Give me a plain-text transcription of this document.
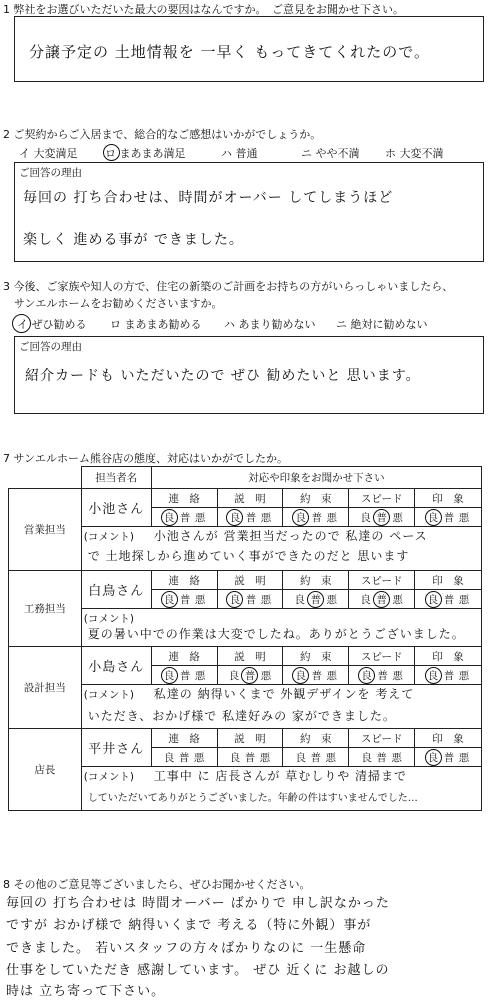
1 弊社をお選びいただいた最大の要因はなんですか。　ご意見をお聞かせ下さい。
分譲予定の 土地情報を 一早く もってきてくれたので。
2 ご契約からご入居まで、総合的なご感想はいかがでしょうか。
イ 大変満足	ロ まあまあ満足	ハ 普通	ニ やや不満 ホ 大変不満
ご回答の理由
毎回の 打ち合わせは、時間がオーバー してしまうほど
楽しく 進める事が できました。
3 今後、ご家族や知人の方で、住宅の新築のご計画をお持ちの方がいらっしゃいましたら、
サンエルホームをお勧めくださいますか。
イ ぜひ勧める ロ まあまあ勧める ハ あまり勧めない ニ 絶対に勧めない
ご回答の理由
紹介カードも いただいたので ぜひ 勧めたいと 思います。
7 サンエルホーム熊谷店の態度、対応はいかがでしたか。
	担当者名	対応や印象をお聞かせ下さい				
営業担当	小池さん	連　絡	説　明	約　束	スピード	印　象
		良 普 悪	良 普 悪	良 普 悪	良 普 悪	良 普 悪

	(コメント) 小池さんが 営業担当だったので 私達の ペース
で 土地探しから進めていく事ができたのだと 思います					

工務担当	白鳥さん	連　絡	説　明	約　束	スピード	印　象
		良 普 悪	良 普 悪	良 普 悪	良 普 悪	良 普 悪

	(コメント)
夏の暑い中での作業は大変でしたね。ありがとうございました。					

設計担当	小島さん	連　絡	説　明	約　束	スピード	印　象
		良 普 悪	良 普 悪	良 普 悪	良 普 悪	良 普 悪

	(コメント) 私達の 納得いくまで 外観デザインを 考えて
いただき、おかげ様で 私達好みの 家ができました。					

店長	平井さん	連　絡	説　明	約　束	スピード	印　象
		良 普 悪	良 普 悪	良 普 悪	良 普 悪	良 普 悪

	(コメント) 工事中 に 店長さんが 草むしりや 清掃まで
していただいてありがとうございました。年齢の件はすいませんでした…					
8 その他のご意見等ございましたら、ぜひお聞かせください。
毎回の 打ち合わせは 時間オーバー ばかりで 申し訳なかった
ですが おかげ様で 納得いくまで 考える（特に外観）事が
できました。 若いスタッフの方々ばかりなのに 一生懸命
仕事をしていただき 感謝しています。 ぜひ 近くに お越しの
時は 立ち寄って下さい。
